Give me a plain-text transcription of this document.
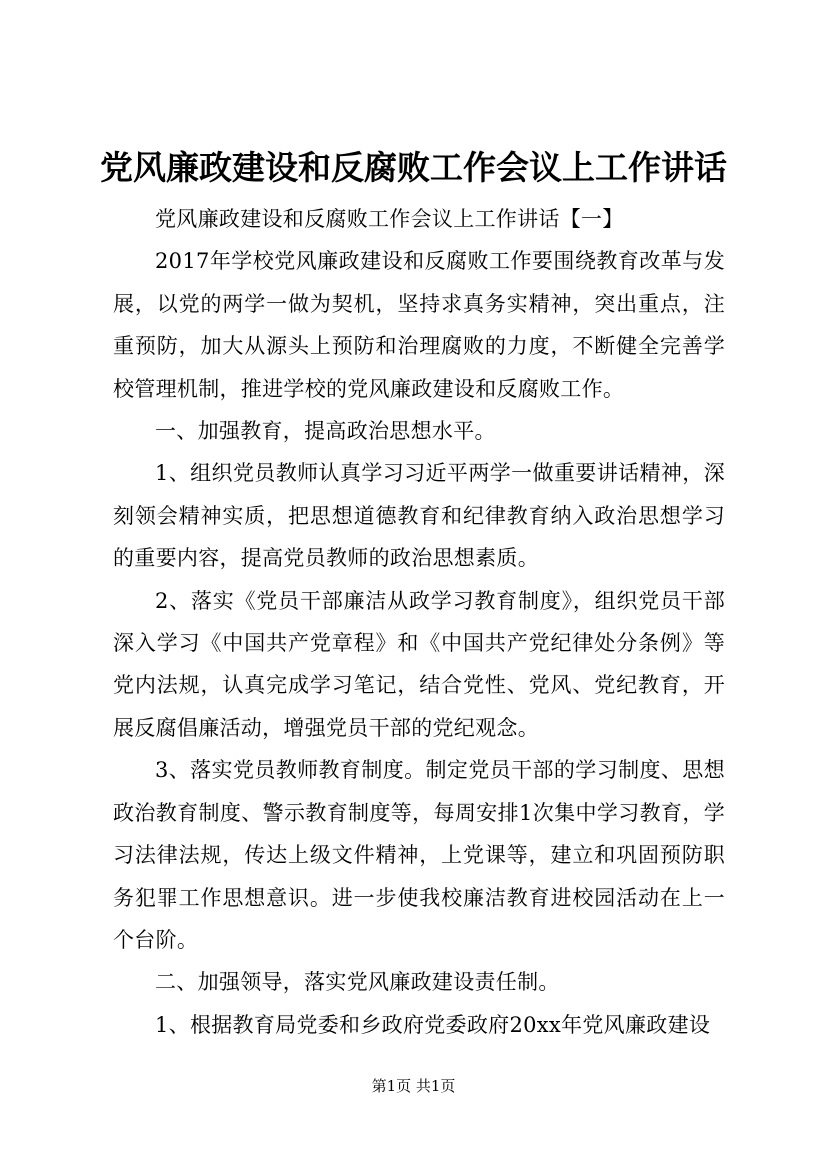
党风廉政建设和反腐败工作会议上工作讲话

党风廉政建设和反腐败工作会议上工作讲话【一】

2017年学校党风廉政建设和反腐败工作要围绕教育改革与发展，以党的两学一做为契机，坚持求真务实精神，突出重点，注重预防，加大从源头上预防和治理腐败的力度，不断健全完善学校管理机制，推进学校的党风廉政建设和反腐败工作。

一、加强教育，提高政治思想水平。

1、组织党员教师认真学习习近平两学一做重要讲话精神，深刻领会精神实质，把思想道德教育和纪律教育纳入政治思想学习的重要内容，提高党员教师的政治思想素质。

2、落实《党员干部廉洁从政学习教育制度》，组织党员干部深入学习《中国共产党章程》和《中国共产党纪律处分条例》等党内法规，认真完成学习笔记，结合党性、党风、党纪教育，开展反腐倡廉活动，增强党员干部的党纪观念。

3、落实党员教师教育制度。制定党员干部的学习制度、思想政治教育制度、警示教育制度等，每周安排1次集中学习教育，学习法律法规，传达上级文件精神，上党课等，建立和巩固预防职务犯罪工作思想意识。进一步使我校廉洁教育进校园活动在上一个台阶。

二、加强领导，落实党风廉政建设责任制。

1、根据教育局党委和乡政府党委政府20xx年党风廉政建设

第1页 共1页
